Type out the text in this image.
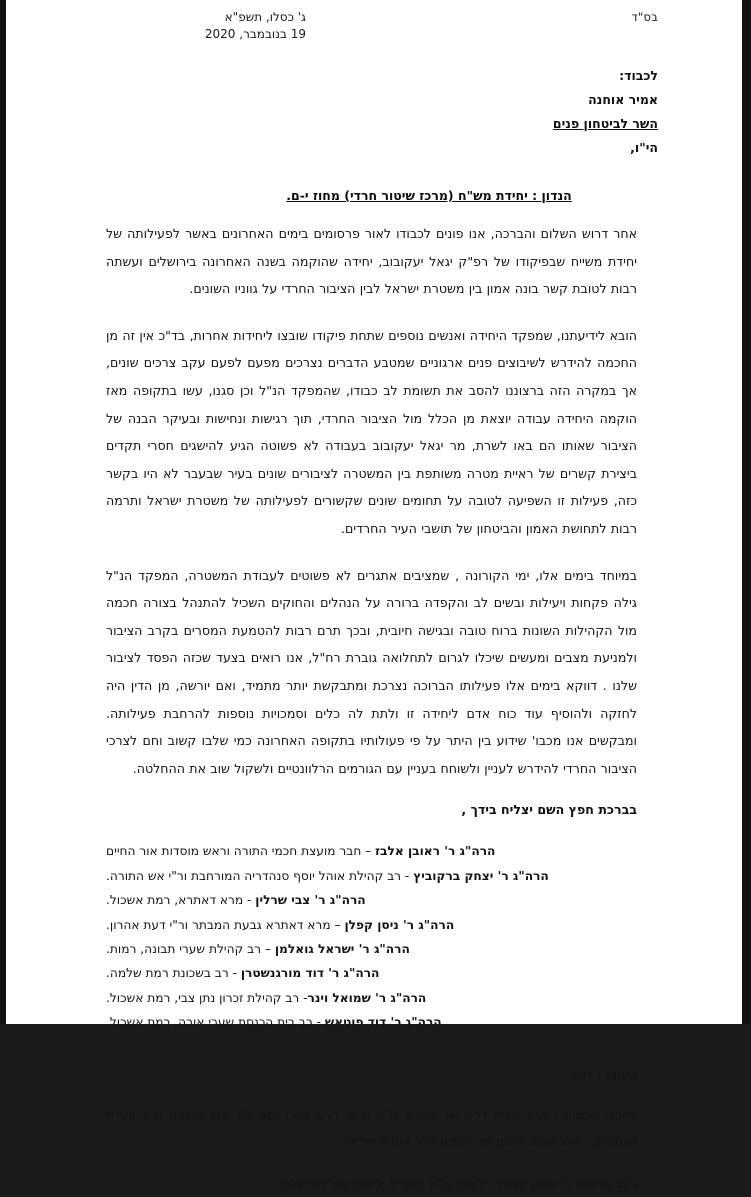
בס"ד
ג' כסלו, תשפ"א
19 בנובמבר, 2020
לכבוד:
אמיר אוחנה
השר לביטחון פנים
הי"ו,
הנדון : יחידת מש"ח (מרכז שיטור חרדי) מחוז י-ם.

אחר דרוש השלום והברכה, אנו פונים לכבודו לאור פרסומים בימים האחרונים באשר לפעילותה של יחידת משייח שבפיקודו של רפ"ק יגאל יעקובוב, יחידה שהוקמה בשנה האחרונה בירושלים ועשתה רבות לטובת קשר בונה אמון בין משטרת ישראל לבין הציבור החרדי על גווניו השונים.

הובא לידיעתנו, שמפקד היחידה ואנשים נוספים שתחת פיקודו שובצו ליחידות אחרות, בד"כ אין זה מן החכמה להידרש לשיבוצים פנים ארגוניים שמטבע הדברים נצרכים מפעם לפעם עקב צרכים שונים, אך במקרה הזה ברצוננו להסב את תשומת לב כבודו, שהמפקד הנ"ל וכן סגנו, עשו בתקופה מאז הוקמה היחידה עבודה יוצאת מן הכלל מול הציבור החרדי, תוך רגישות ונחישות ובעיקר הבנה של הציבור שאותו הם באו לשרת, מר יגאל יעקובוב בעבודה לא פשוטה הגיע להישגים חסרי תקדים ביצירת קשרים של ראיית מטרה משותפת בין המשטרה לציבורים שונים בעיר שבעבר לא היו בקשר כזה, פעילות זו השפיעה לטובה על תחומים שונים שקשורים לפעילותה של משטרת ישראל ותרמה רבות לתחושת האמון והביטחון של תושבי העיר החרדים.

במיוחד בימים אלו, ימי הקורונה , שמציבים אתגרים לא פשוטים לעבודת המשטרה, המפקד הנ"ל גילה פקחות ויעילות ובשים לב והקפדה ברורה על הנהלים והחוקים השכיל להתנהל בצורה חכמה מול הקהילות השונות ברוח טובה ובגישה חיובית, ובכך תרם רבות להטמעת המסרים בקרב הציבור ולמניעת מצבים ומעשים שיכלו לגרום לתחלואה גוברת רח"ל, אנו רואים בצעד שכזה הפסד לציבור שלנו . דווקא בימים אלו פעילותו הברוכה נצרכת ומתבקשת יותר מתמיד, ואם יורשה, מן הדין היה לחזקה ולהוסיף עוד כוח אדם ליחידה זו ולתת לה כלים וסמכויות נוספות להרחבת פעילותה. ומבקשים אנו מכבו' שידוע בין היתר על פי פעולותיו בתקופה האחרונה כמי שלבו קשוב וחם לצרכי הציבור החרדי להידרש לעניין ולשוחח בעניין עם הגורמים הרלוונטיים ולשקול שוב את ההחלטה.

בברכת חפץ השם יצליח בידך ,
הרה"ג ר' ראובן אלבז – חבר מועצת חכמי התורה וראש מוסדות אור החיים
הרה"ג ר' יצחק ברקוביץ - רב קהילת אוהל יוסף סנהדריה המורחבת ור"י אש התורה.
הרה"ג ר' צבי שרלין - מרא דאתרא, רמת אשכול.
הרה"ג ר' ניסן קפלן – מרא דאתרא גבעת המבתר ור"י דעת אהרון.
הרה"ג ר' ישראל גואלמן – רב קהילת שערי תבונה, רמות.
הרה"ג ר' דוד מורגנשטרן - רב בשכונת רמת שלמה.
הרה"ג ר' שמואל וינר- רב קהילת זכרון נתן צבי, רמת אשכול.
הרה"ג ר' דוד פוטאש - רב בית הכנסת שערי אורה, רמת אשכול.
העתק נשלח:

לחברי הכנסת : הרב אריה דרעי שר הפנים ויו"ר ש"ס. הרב משה גפני יו"ר דגל התורה ויו"ר וועדת הכספים, , הרב יעקב ליצמן שר השיכון ויו"ר אגודת ישראל,

ניצב בדימוס ר' אריק יקואל - לשכת מ"מ מפכ"ל ,לשכת ממ"ז ירושלים.
